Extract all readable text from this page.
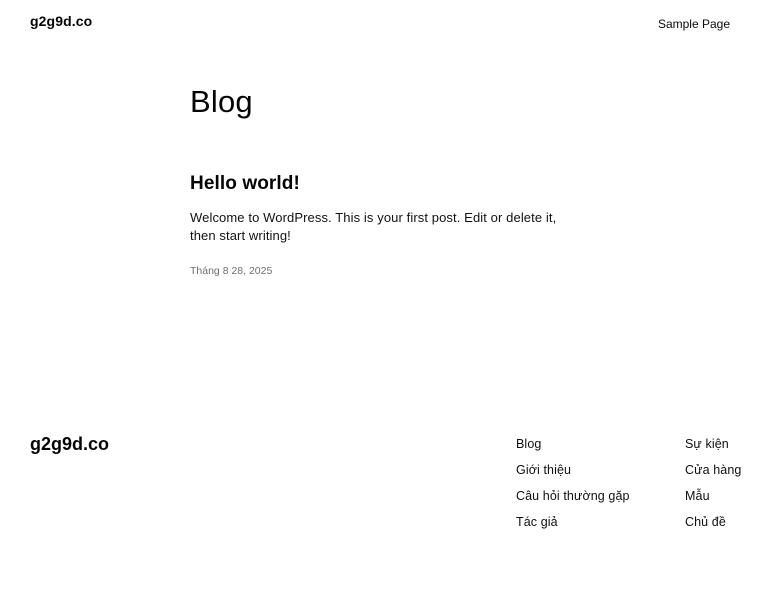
g2g9d.co	Sample Page
Blog
Hello world!

Welcome to WordPress. This is your first post. Edit or delete it, then start writing!

Tháng 8 28, 2025
g2g9d.co	Blog
Giới thiệu
Câu hỏi thường gặp
Tác giả
Sự kiện
Cửa hàng
Mẫu
Chủ đề
